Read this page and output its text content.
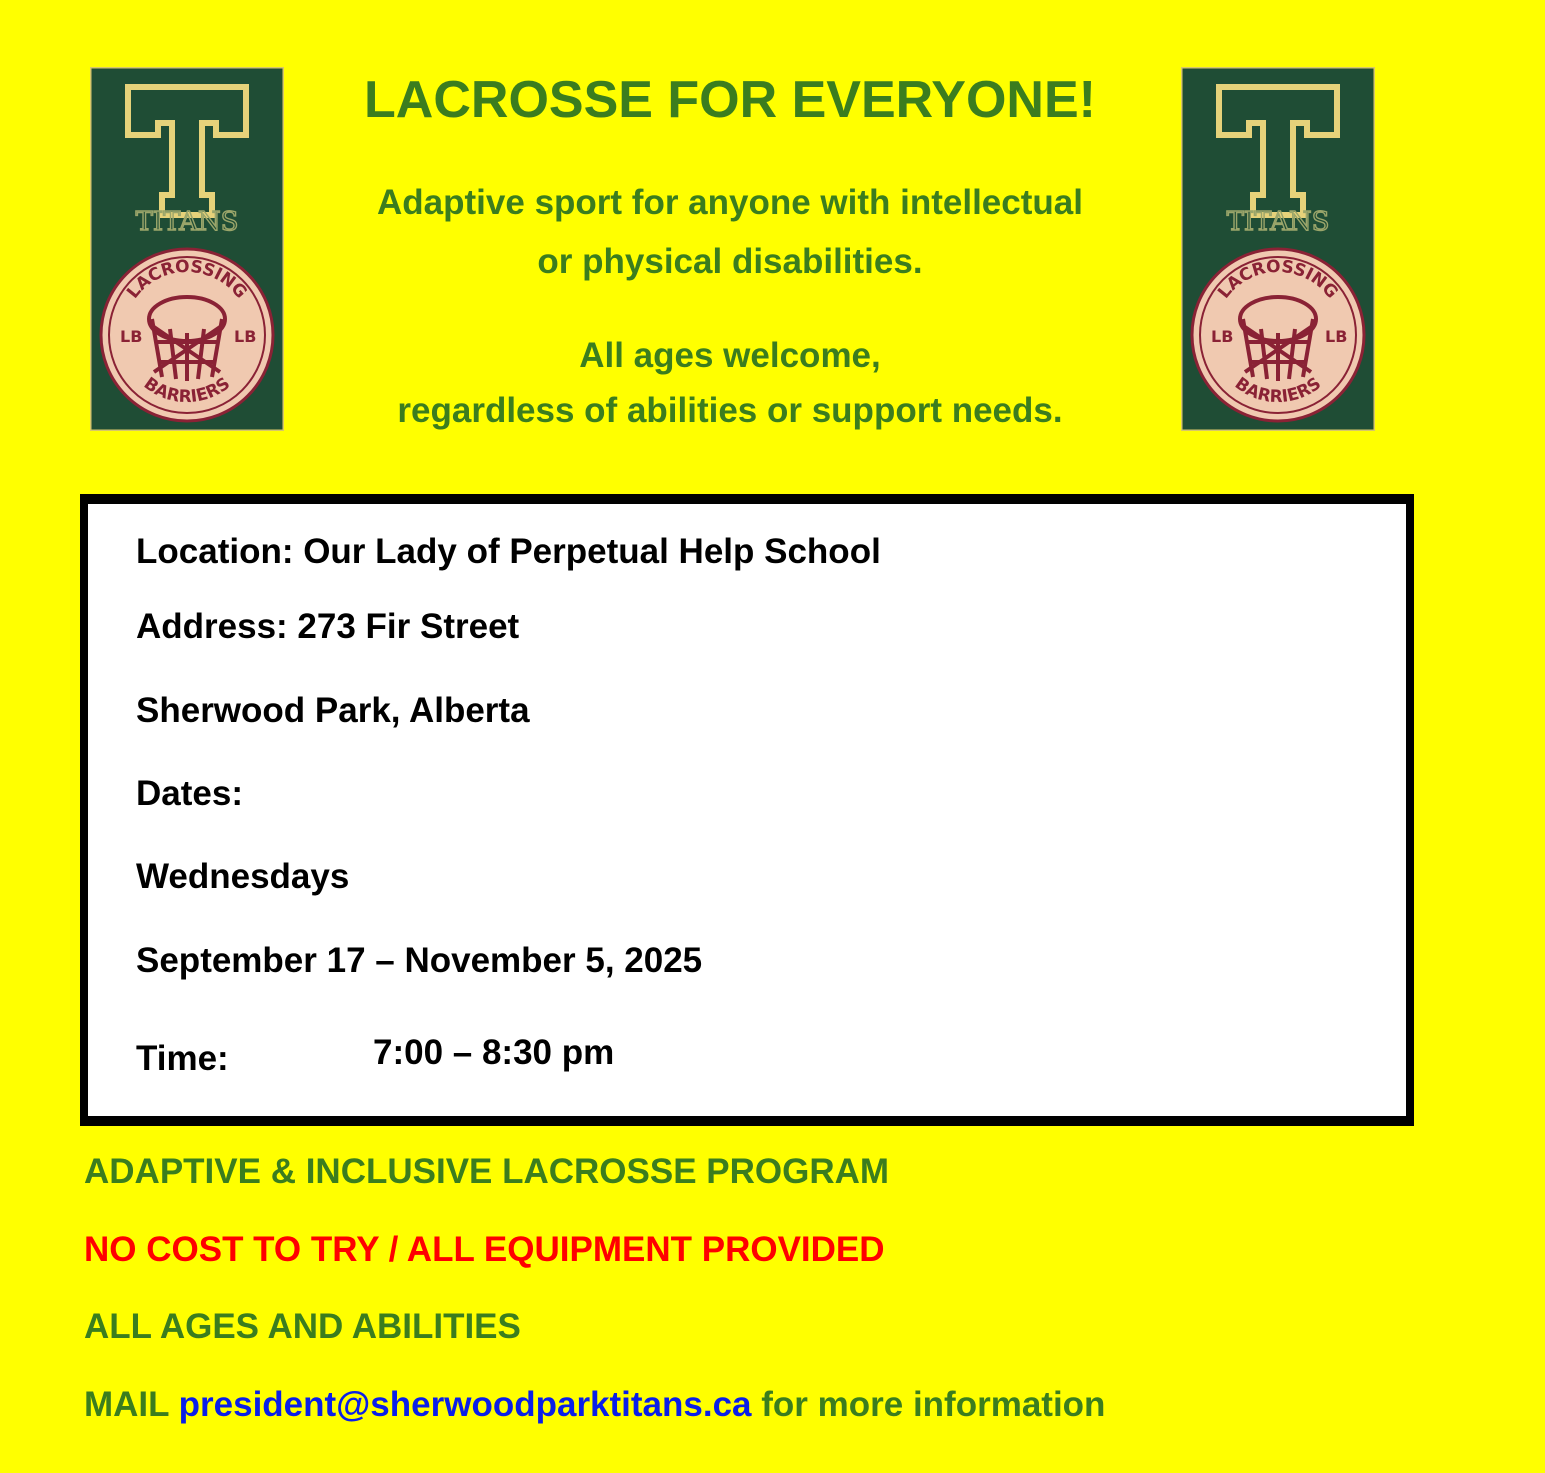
TITANS
LACROSSING
BARRIERS
LB	LB
TITANS
LACROSSING
BARRIERS
LB	LB
LACROSSE FOR EVERYONE!
Adaptive sport for anyone with intellectual
or physical disabilities.
All ages welcome,
regardless of abilities or support needs.
Location: Our Lady of Perpetual Help School
Address: 273 Fir Street
Sherwood Park, Alberta
Dates:
Wednesdays
September 17 – November 5, 2025
Time:	7:00 – 8:30 pm
ADAPTIVE & INCLUSIVE LACROSSE PROGRAM
NO COST TO TRY / ALL EQUIPMENT PROVIDED
ALL AGES AND ABILITIES
MAIL president@sherwoodparktitans.ca for more information
